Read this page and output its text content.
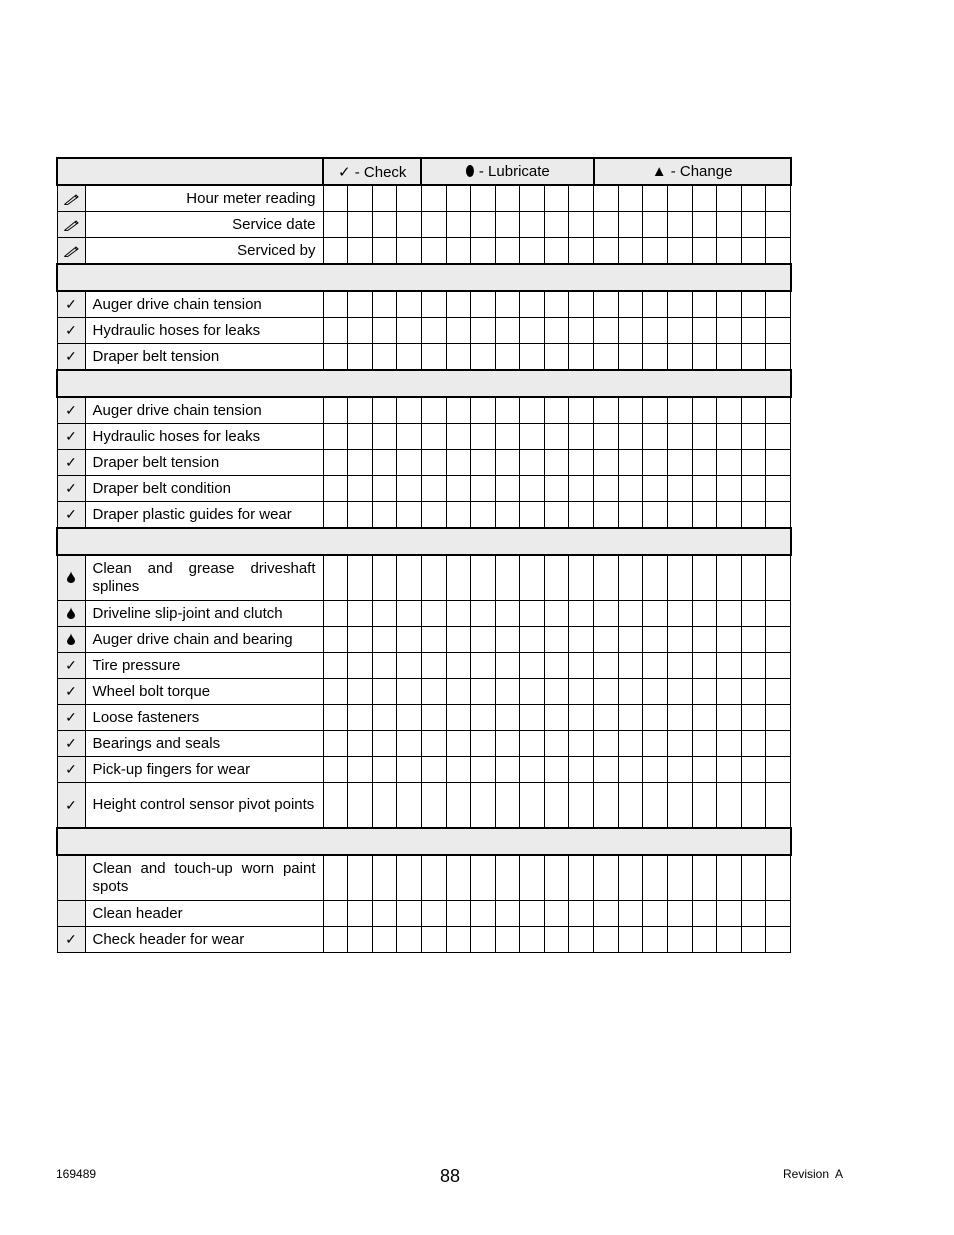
		✓ - Check				⬮ - Lubricate							▲ - Change							

	Hour meter reading																			

	Service date																			

	Serviced by																			

✓	Auger drive chain tension																			
✓	Hydraulic hoses for leaks																			
✓	Draper belt tension																			

✓	Auger drive chain tension																			
✓	Hydraulic hoses for leaks																			
✓	Draper belt tension																			
✓	Draper belt condition																			
✓	Draper plastic guides for wear																			

	Clean and grease driveshaft splines																			
	Driveline slip-joint and clutch																			
	Auger drive chain and bearing																			
✓	Tire pressure																			
✓	Wheel bolt torque																			
✓	Loose fasteners																			
✓	Bearings and seals																			
✓	Pick-up fingers for wear																			
✓	Height control sensor pivot points																			

	Clean and touch-up worn paint spots																			
	Clean header																			
✓	Check header for wear																			
169489	88	Revision  A
